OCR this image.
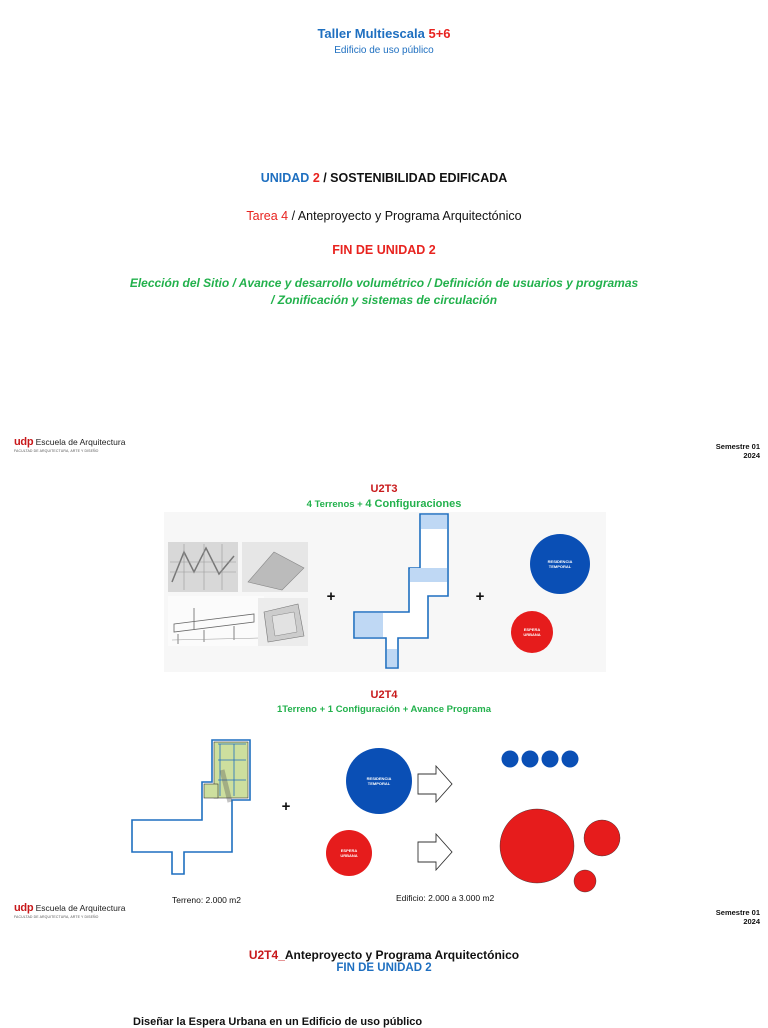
Taller Multiescala 5+6
Edificio de uso público
UNIDAD 2 / SOSTENIBILIDAD EDIFICADA
Tarea 4 / Anteproyecto y Programa Arquitectónico
FIN DE UNIDAD 2
Elección del Sitio / Avance y desarrollo volumétrico / Definición de usuarios y programas
/ Zonificación y sistemas de circulación
udp Escuela de Arquitectura
FACULTAD DE ARQUITECTURA, ARTE Y DISEÑO	Semestre 01
2024
U2T3
4 Terrenos + 4 Configuraciones
+	+
RESIDENCIA
TEMPORAL
ESPERA
URBANA
U2T4
1Terreno + 1 Configuración + Avance Programa
+
RESIDENCIA
TEMPORAL
ESPERA
URBANA
Terreno: 2.000 m2	Edificio: 2.000 a 3.000 m2
udp Escuela de Arquitectura
FACULTAD DE ARQUITECTURA, ARTE Y DISEÑO	Semestre 01
2024
U2T4_Anteproyecto y Programa Arquitectónico
FIN DE UNIDAD 2
Diseñar la Espera Urbana en un Edificio de uso público
